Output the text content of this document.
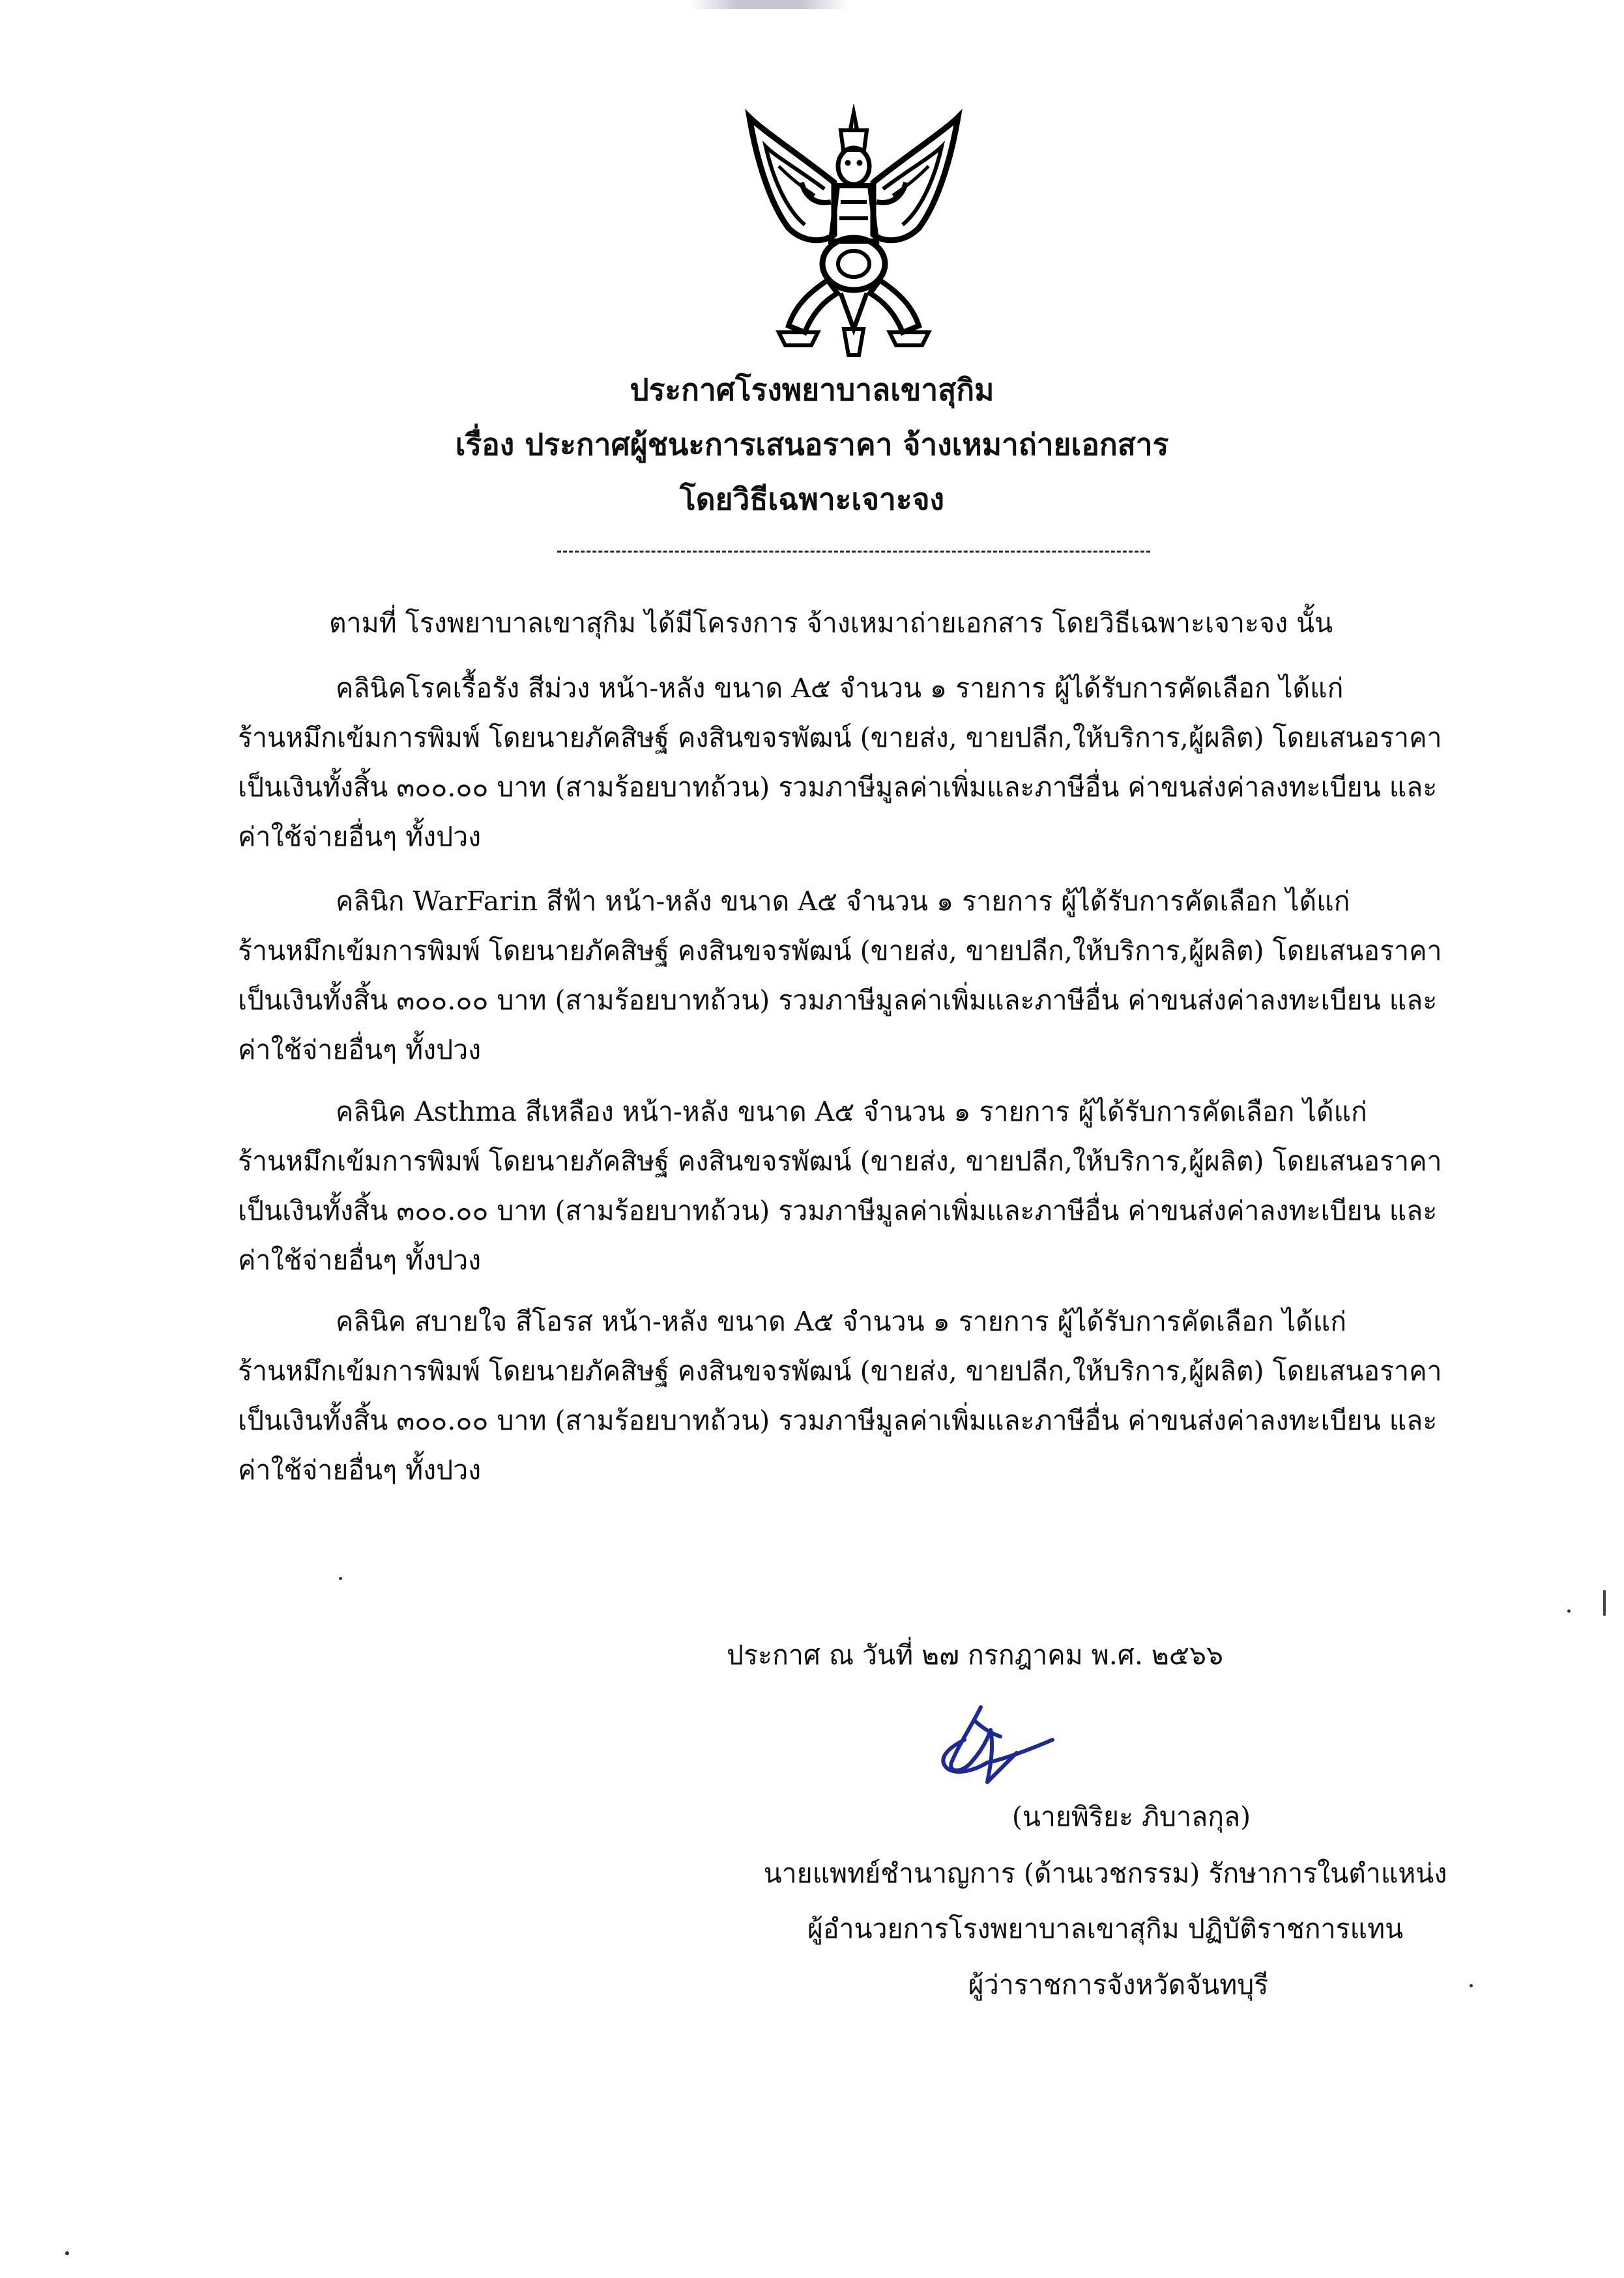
ประกาศโรงพยาบาลเขาสุกิม
เรื่อง ประกาศผู้ชนะการเสนอราคา จ้างเหมาถ่ายเอกสาร
โดยวิธีเฉพาะเจาะจง
ตามที่ โรงพยาบาลเขาสุกิม ได้มีโครงการ จ้างเหมาถ่ายเอกสาร โดยวิธีเฉพาะเจาะจง นั้น
คลินิคโรคเรื้อรัง สีม่วง หน้า-หลัง ขนาด A๕ จำนวน ๑ รายการ ผู้ได้รับการคัดเลือก ได้แก่
ร้านหมึกเข้มการพิมพ์ โดยนายภัคสิษฐ์ คงสินขจรพัฒน์ (ขายส่ง, ขายปลีก,ให้บริการ,ผู้ผลิต) โดยเสนอราคา
เป็นเงินทั้งสิ้น ๓๐๐.๐๐ บาท (สามร้อยบาทถ้วน) รวมภาษีมูลค่าเพิ่มและภาษีอื่น ค่าขนส่งค่าลงทะเบียน และ
ค่าใช้จ่ายอื่นๆ ทั้งปวง
คลินิก WarFarin สีฟ้า หน้า-หลัง ขนาด A๕ จำนวน ๑ รายการ ผู้ได้รับการคัดเลือก ได้แก่
ร้านหมึกเข้มการพิมพ์ โดยนายภัคสิษฐ์ คงสินขจรพัฒน์ (ขายส่ง, ขายปลีก,ให้บริการ,ผู้ผลิต) โดยเสนอราคา
เป็นเงินทั้งสิ้น ๓๐๐.๐๐ บาท (สามร้อยบาทถ้วน) รวมภาษีมูลค่าเพิ่มและภาษีอื่น ค่าขนส่งค่าลงทะเบียน และ
ค่าใช้จ่ายอื่นๆ ทั้งปวง
คลินิค Asthma สีเหลือง หน้า-หลัง ขนาด A๕ จำนวน ๑ รายการ ผู้ได้รับการคัดเลือก ได้แก่
ร้านหมึกเข้มการพิมพ์ โดยนายภัคสิษฐ์ คงสินขจรพัฒน์ (ขายส่ง, ขายปลีก,ให้บริการ,ผู้ผลิต) โดยเสนอราคา
เป็นเงินทั้งสิ้น ๓๐๐.๐๐ บาท (สามร้อยบาทถ้วน) รวมภาษีมูลค่าเพิ่มและภาษีอื่น ค่าขนส่งค่าลงทะเบียน และ
ค่าใช้จ่ายอื่นๆ ทั้งปวง
คลินิค สบายใจ สีโอรส หน้า-หลัง ขนาด A๕ จำนวน ๑ รายการ ผู้ได้รับการคัดเลือก ได้แก่
ร้านหมึกเข้มการพิมพ์ โดยนายภัคสิษฐ์ คงสินขจรพัฒน์ (ขายส่ง, ขายปลีก,ให้บริการ,ผู้ผลิต) โดยเสนอราคา
เป็นเงินทั้งสิ้น ๓๐๐.๐๐ บาท (สามร้อยบาทถ้วน) รวมภาษีมูลค่าเพิ่มและภาษีอื่น ค่าขนส่งค่าลงทะเบียน และ
ค่าใช้จ่ายอื่นๆ ทั้งปวง
ประกาศ ณ วันที่ ๒๗ กรกฎาคม พ.ศ. ๒๕๖๖
(นายพิริยะ ภิบาลกุล)
นายแพทย์ชำนาญการ (ด้านเวชกรรม) รักษาการในตำแหน่ง
ผู้อำนวยการโรงพยาบาลเขาสุกิม ปฏิบัติราชการแทน
ผู้ว่าราชการจังหวัดจันทบุรี
